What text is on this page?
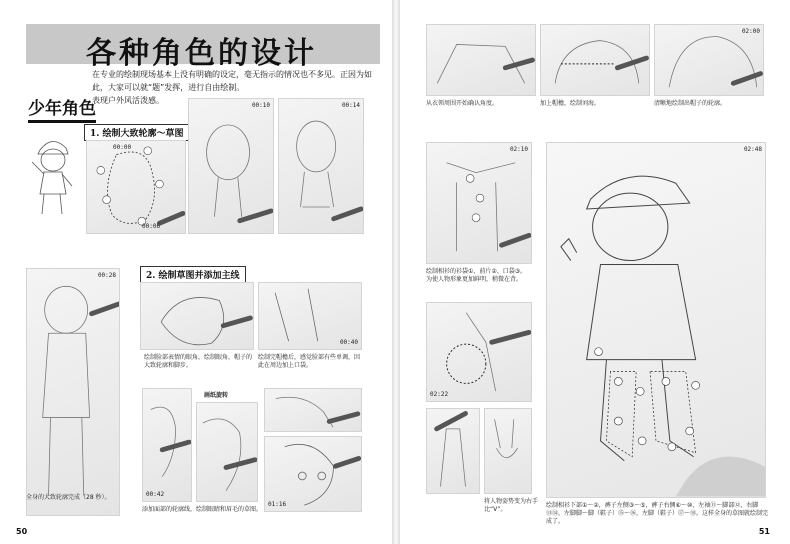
各种角色的设计
在专业的绘制现场基本上没有明确的设定，毫无指示的情况也不多见。正因为如此，大家可以就“题”发挥，进行自由绘制。
表现户外风活泼感。
少年角色
1. 绘制大致轮廓～草图
2. 绘制草图并添加主线
00:00
00:06
00:10	00:14
00:28
全身的大致轮廓完成（28 秒）。
绘制脸部表情的眼角，绘制眼角，帽子的大致轮廓和脚步。
00:40
绘制完帽檐后，感觉脸部有些单调，因此在周边加上口袋。
00:42
画纸旋转
01:16
添加面部的轮廓线，绘制眼睛和眉毛的草图。
50
从衣领周围开始确认角度。	加上帽檐，绘制刘海。
02:00
清晰地绘制出帽子的轮廓。
02:10
绘制相衫的衫袋①、前片②、口袋③。为使人物形象更加鲜明，稍微在背。
02:22
将人物姿势变为右手比“V”。
02:48
绘制相衫下部①～②，裤子左侧③～⑤，裤子右侧⑥～⑩，左袖⑪～脚部⑫，右脚⑬⑭，左脚脚～脚（鞋子）⑮～⑯，左脚（鞋子）⑰～⑱。这样全身的草图就绘制完成了。
51
